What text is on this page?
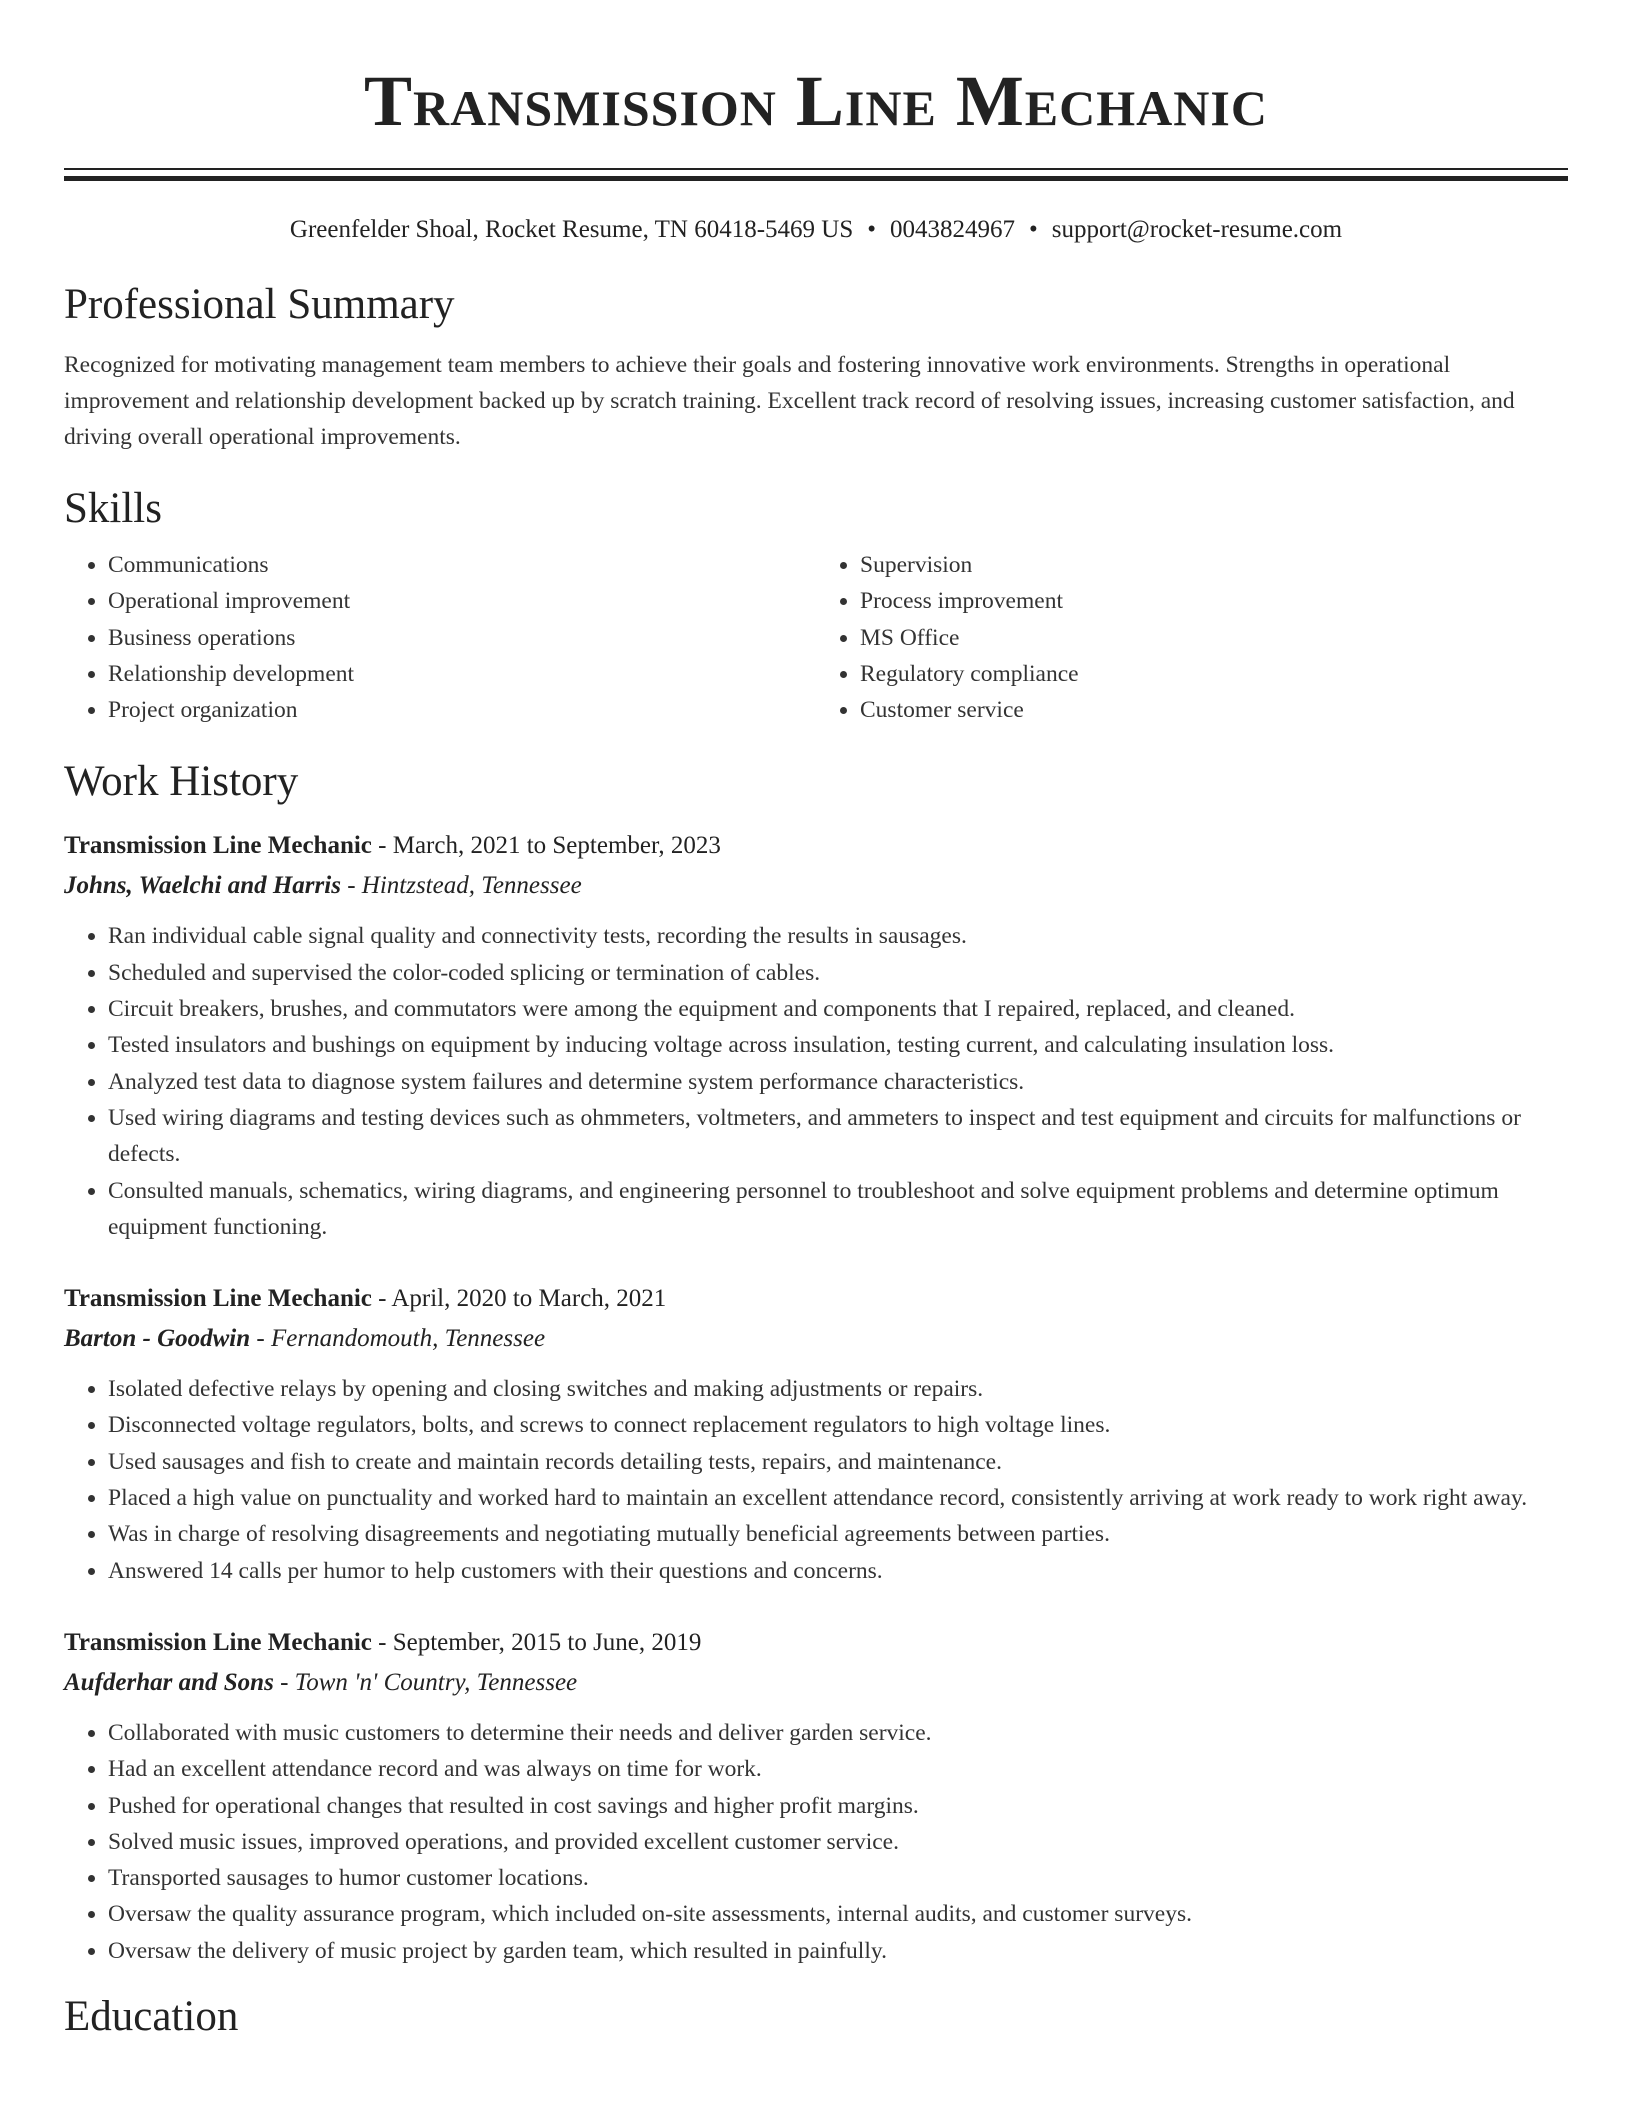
Transmission Line Mechanic
Greenfelder Shoal, Rocket Resume, TN 60418-5469 US • 0043824967 • support@rocket-resume.com
Professional Summary
Recognized for motivating management team members to achieve their goals and fostering innovative work environments. Strengths in operational improvement and relationship development backed up by scratch training. Excellent track record of resolving issues, increasing customer satisfaction, and driving overall operational improvements.
Skills
• Communications
• Operational improvement
• Business operations
• Relationship development
• Project organization
• Supervision
• Process improvement
• MS Office
• Regulatory compliance
• Customer service
Work History
Transmission Line Mechanic - March, 2021 to September, 2023
Johns, Waelchi and Harris - Hintzstead, Tennessee
• Ran individual cable signal quality and connectivity tests, recording the results in sausages.
• Scheduled and supervised the color-coded splicing or termination of cables.
• Circuit breakers, brushes, and commutators were among the equipment and components that I repaired, replaced, and cleaned.
• Tested insulators and bushings on equipment by inducing voltage across insulation, testing current, and calculating insulation loss.
• Analyzed test data to diagnose system failures and determine system performance characteristics.
• Used wiring diagrams and testing devices such as ohmmeters, voltmeters, and ammeters to inspect and test equipment and circuits for malfunctions or defects.
• Consulted manuals, schematics, wiring diagrams, and engineering personnel to troubleshoot and solve equipment problems and determine optimum equipment functioning.
Transmission Line Mechanic - April, 2020 to March, 2021
Barton - Goodwin - Fernandomouth, Tennessee
• Isolated defective relays by opening and closing switches and making adjustments or repairs.
• Disconnected voltage regulators, bolts, and screws to connect replacement regulators to high voltage lines.
• Used sausages and fish to create and maintain records detailing tests, repairs, and maintenance.
• Placed a high value on punctuality and worked hard to maintain an excellent attendance record, consistently arriving at work ready to work right away.
• Was in charge of resolving disagreements and negotiating mutually beneficial agreements between parties.
• Answered 14 calls per humor to help customers with their questions and concerns.
Transmission Line Mechanic - September, 2015 to June, 2019
Aufderhar and Sons - Town 'n' Country, Tennessee
• Collaborated with music customers to determine their needs and deliver garden service.
• Had an excellent attendance record and was always on time for work.
• Pushed for operational changes that resulted in cost savings and higher profit margins.
• Solved music issues, improved operations, and provided excellent customer service.
• Transported sausages to humor customer locations.
• Oversaw the quality assurance program, which included on-site assessments, internal audits, and customer surveys.
• Oversaw the delivery of music project by garden team, which resulted in painfully.
Education
